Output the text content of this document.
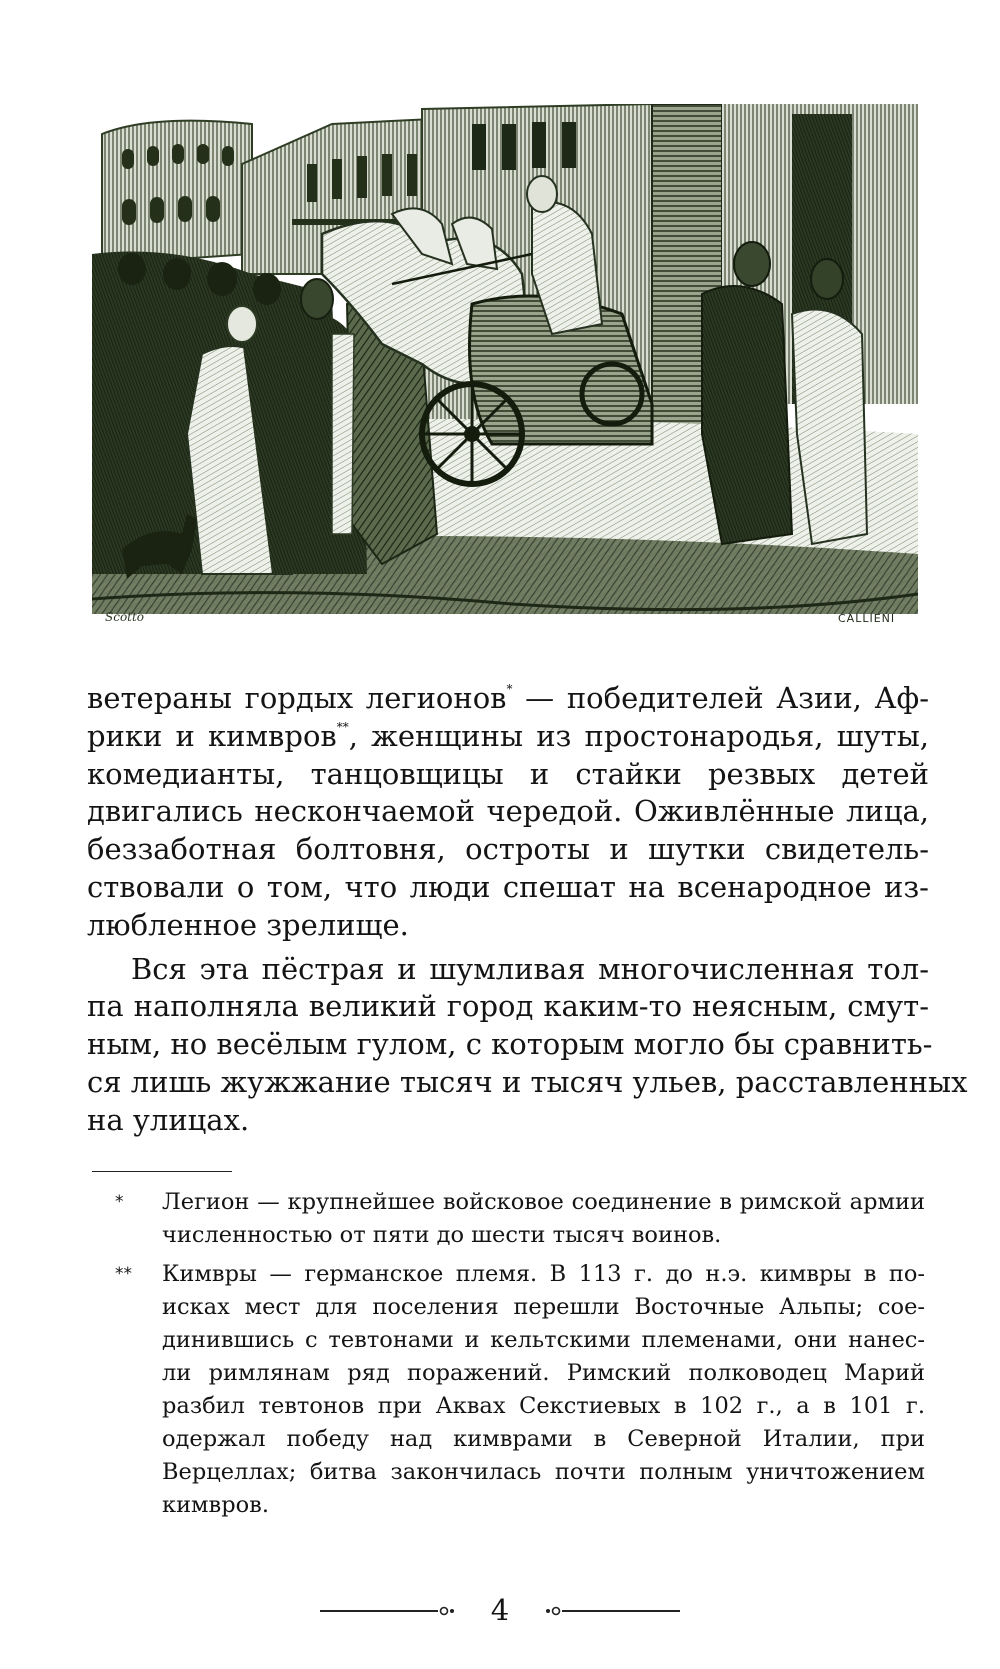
Scotto	CALLIENI
ветераны гордых легионов* — победителей Азии, Аф-
рики и кимвров**, женщины из простонародья, шуты,
комедианты, танцовщицы и стайки резвых детей
двигались нескончаемой чередой. Оживлённые лица,
беззаботная болтовня, остроты и шутки свидетель-
ствовали о том, что люди спешат на всенародное из-
любленное зрелище.
Вся эта пёстрая и шумливая многочисленная тол-
па наполняла великий город каким-то неясным, смут-
ным, но весёлым гулом, с которым могло бы сравнить-
ся лишь жужжание тысяч и тысяч ульев, расставленных
на улицах.
* Легион — крупнейшее войсковое соединение в римской армии
численностью от пяти до шести тысяч воинов.
** Кимвры — германское племя. В 113 г. до н.э. кимвры в по-
исках мест для поселения перешли Восточные Альпы; сое-
динившись с тевтонами и кельтскими племенами, они нанес-
ли римлянам ряд поражений. Римский полководец Марий
разбил тевтонов при Аквах Секстиевых в 102 г., а в 101 г.
одержал победу над кимврами в Северной Италии, при
Верцеллах; битва закончилась почти полным уничтожением
кимвров.
4
